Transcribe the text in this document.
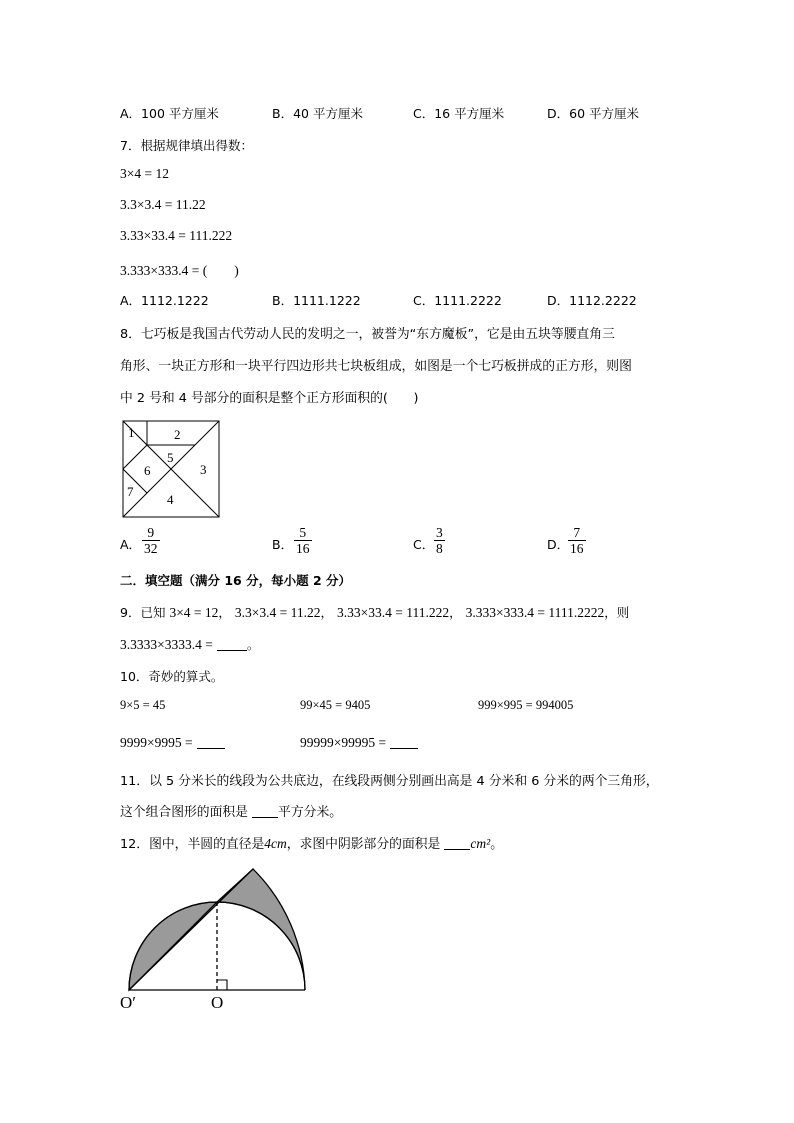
A．100 平方厘米	B．40 平方厘米	C．16 平方厘米	D．60 平方厘米
7．根据规律填出得数：
3×4 = 12
3.3×3.4 = 11.22
3.33×33.4 = 111.222
3.333×333.4 = (　　)
A．1112.1222	B．1111.1222	C．1111.2222	D．1112.2222
8．七巧板是我国古代劳动人民的发明之一，被誉为“东方魔板”，它是由五块等腰直角三
角形、一块正方形和一块平行四边形共七块板组成，如图是一个七巧板拼成的正方形，则图
中 2 号和 4 号部分的面积是整个正方形面积的(　　)
1	2
3
4
5
6
7
A． $\frac{9}{32}$	B． $\frac{5}{16}$	C． $\frac{3}{8}$	D．
$\frac{7}{16}$
二．填空题（满分 16 分，每小题 2 分）
9．已知 3×4 = 12， 3.3×3.4 = 11.22， 3.33×33.4 = 111.222， 3.333×333.4 = 1111.2222，则
3.3333×3333.4 =	。
10．奇妙的算式。
9×5 = 45	99×45 = 9405	999×995 = 994005
9999×9995 =	99999×99995 =
11．以 5 分米长的线段为公共底边，在线段两侧分别画出高是 4 分米和 6 分米的两个三角形，
这个组合图形的面积是 平方分米。
12．图中，半圆的直径是4cm，求图中阴影部分的面积是 cm²。
O′	O
